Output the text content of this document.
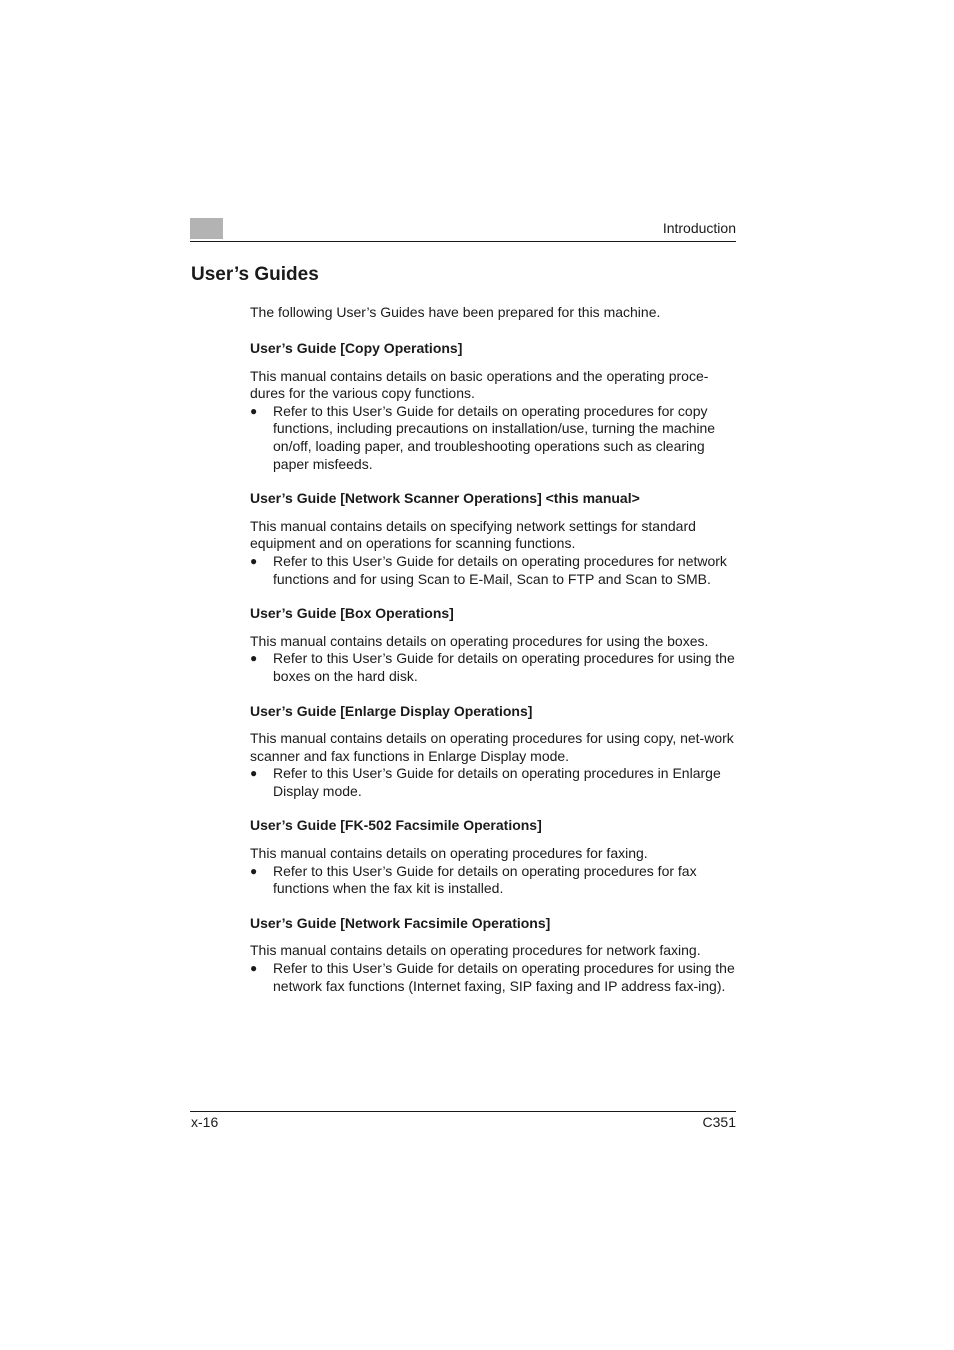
Introduction
User’s Guides

The following User’s Guides have been prepared for this machine.

User’s Guide [Copy Operations]

This manual contains details on basic operations and the operating proce-dures for the various copy functions.

● Refer to this User’s Guide for details on operating procedures for copy functions, including precautions on installation/use, turning the machine on/off, loading paper, and troubleshooting operations such as clearing paper misfeeds.
User’s Guide [Network Scanner Operations] <this manual>

This manual contains details on specifying network settings for standard equipment and on operations for scanning functions.

● Refer to this User’s Guide for details on operating procedures for network functions and for using Scan to E-Mail, Scan to FTP and Scan to SMB.
User’s Guide [Box Operations]

This manual contains details on operating procedures for using the boxes.

● Refer to this User’s Guide for details on operating procedures for using the boxes on the hard disk.
User’s Guide [Enlarge Display Operations]

This manual contains details on operating procedures for using copy, net-work scanner and fax functions in Enlarge Display mode.

● Refer to this User’s Guide for details on operating procedures in Enlarge Display mode.
User’s Guide [FK-502 Facsimile Operations]

This manual contains details on operating procedures for faxing.

● Refer to this User’s Guide for details on operating procedures for fax functions when the fax kit is installed.
User’s Guide [Network Facsimile Operations]

This manual contains details on operating procedures for network faxing.

● Refer to this User’s Guide for details on operating procedures for using the network fax functions (Internet faxing, SIP faxing and IP address fax-ing).
x-16	C351
